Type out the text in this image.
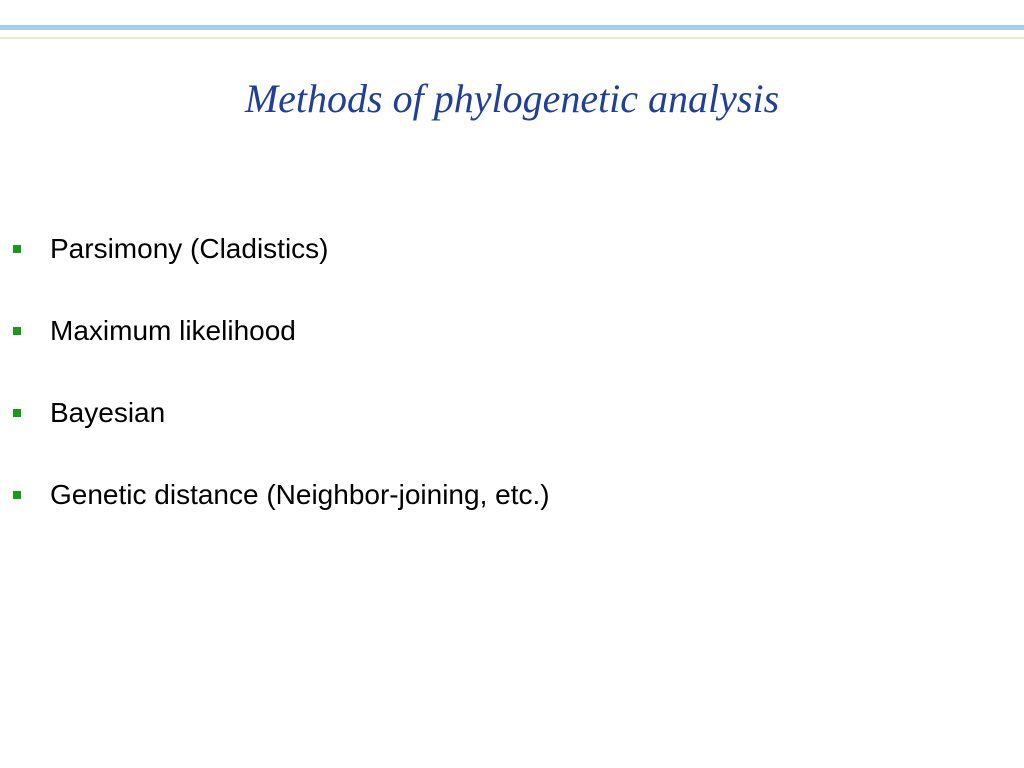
Methods of phylogenetic analysis
Parsimony (Cladistics)
Maximum likelihood
Bayesian
Genetic distance (Neighbor-joining, etc.)
